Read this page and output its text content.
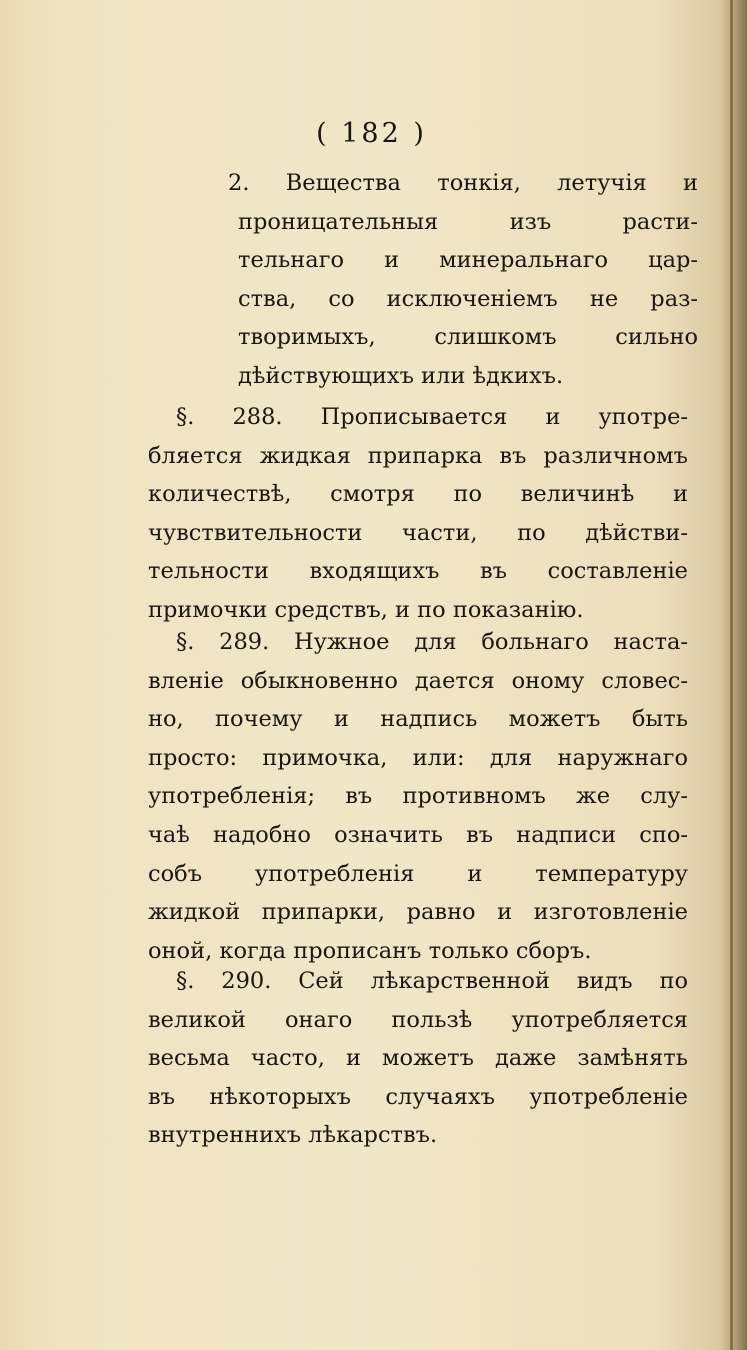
( 182 )
2. Вещества тонкія, летучія и
проницательныя изъ расти-
тельнаго и минеральнаго цар-
ства, со исключеніемъ не раз-
творимыхъ, слишкомъ сильно
дѣйствующихъ или ѣдкихъ.
§. 288. Прописывается и употре-
бляется жидкая припарка въ различномъ
количествѣ, смотря по величинѣ и
чувствительности части, по дѣйстви-
тельности входящихъ въ составленіе
примочки средствъ, и по показанію.
§. 289. Нужное для больнаго наста-
вленіе обыкновенно дается оному словес-
но, почему и надпись можетъ быть
просто: примочка, или: для наружнаго
употребленія; въ противномъ же слу-
чаѣ надобно означить въ надписи спо-
собъ употребленія и температуру
жидкой припарки, равно и изготовленіе
оной, когда прописанъ только сборъ.
§. 290. Сей лѣкарственной видъ по
великой онаго пользѣ употребляется
весьма часто, и можетъ даже замѣнять
въ нѣкоторыхъ случаяхъ употребленіе
внутреннихъ лѣкарствъ.
